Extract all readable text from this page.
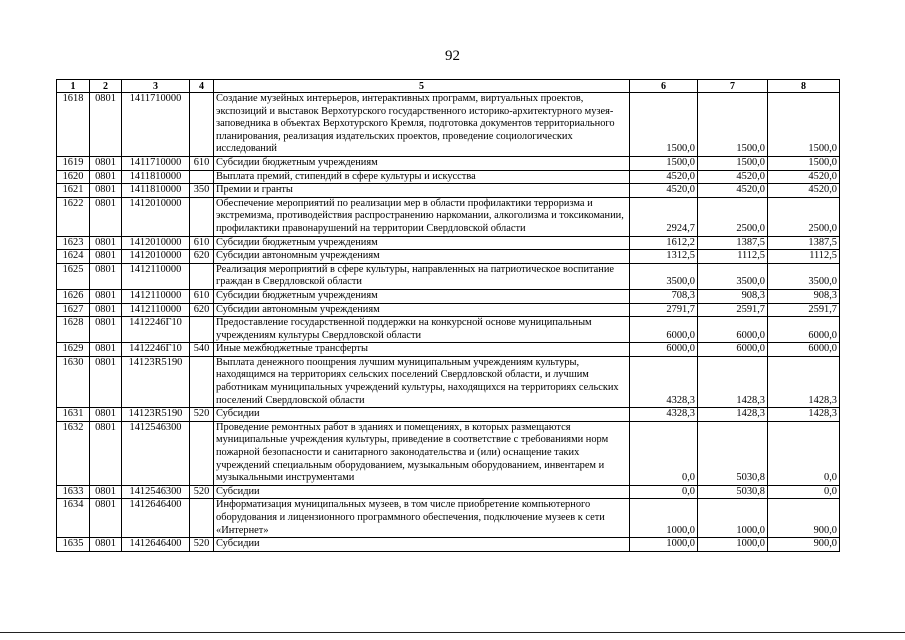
92
1	2	3	4	5	6	7	8
1618	0801	1411710000		Создание музейных интерьеров, интерактивных программ, виртуальных проектов, экспозиций и выставок Верхотурского государственного историко-архитектурного музея-заповедника в объектах Верхотурского Кремля, подготовка документов территориального планирования, реализация издательских проектов, проведение социологических исследований	1500,0	1500,0	1500,0
1619	0801	1411710000	610	Субсидии бюджетным учреждениям	1500,0	1500,0	1500,0
1620	0801	1411810000		Выплата премий, стипендий в сфере культуры и искусства	4520,0	4520,0	4520,0
1621	0801	1411810000	350	Премии и гранты	4520,0	4520,0	4520,0
1622	0801	1412010000		Обеспечение мероприятий по реализации мер в области профилактики терроризма и экстремизма, противодействия распространению наркомании, алкоголизма и токсикомании, профилактики правонарушений на территории Свердловской области	2924,7	2500,0	2500,0
1623	0801	1412010000	610	Субсидии бюджетным учреждениям	1612,2	1387,5	1387,5
1624	0801	1412010000	620	Субсидии автономным учреждениям	1312,5	1112,5	1112,5
1625	0801	1412110000		Реализация мероприятий в сфере культуры, направленных на патриотическое воспитание граждан в Свердловской области	3500,0	3500,0	3500,0
1626	0801	1412110000	610	Субсидии бюджетным учреждениям	708,3	908,3	908,3
1627	0801	1412110000	620	Субсидии автономным учреждениям	2791,7	2591,7	2591,7
1628	0801	1412246Г10		Предоставление государственной поддержки на конкурсной основе муниципальным учреждениям культуры Свердловской области	6000,0	6000,0	6000,0
1629	0801	1412246Г10	540	Иные межбюджетные трансферты	6000,0	6000,0	6000,0
1630	0801	14123R5190		Выплата денежного поощрения лучшим муниципальным учреждениям культуры, находящимся на территориях сельских поселений Свердловской области, и лучшим работникам муниципальных учреждений культуры, находящихся на территориях сельских поселений Свердловской области	4328,3	1428,3	1428,3
1631	0801	14123R5190	520	Субсидии	4328,3	1428,3	1428,3
1632	0801	1412546300		Проведение ремонтных работ в зданиях и помещениях, в которых размещаются муниципальные учреждения культуры, приведение в соответствие с требованиями норм пожарной безопасности и санитарного законодательства и (или) оснащение таких учреждений специальным оборудованием, музыкальным оборудованием, инвентарем и музыкальными инструментами	0,0	5030,8	0,0
1633	0801	1412546300	520	Субсидии	0,0	5030,8	0,0
1634	0801	1412646400		Информатизация муниципальных музеев, в том числе приобретение компьютерного оборудования и лицензионного программного обеспечения, подключение музеев к сети «Интернет»	1000,0	1000,0	900,0
1635	0801	1412646400	520	Субсидии	1000,0	1000,0	900,0
